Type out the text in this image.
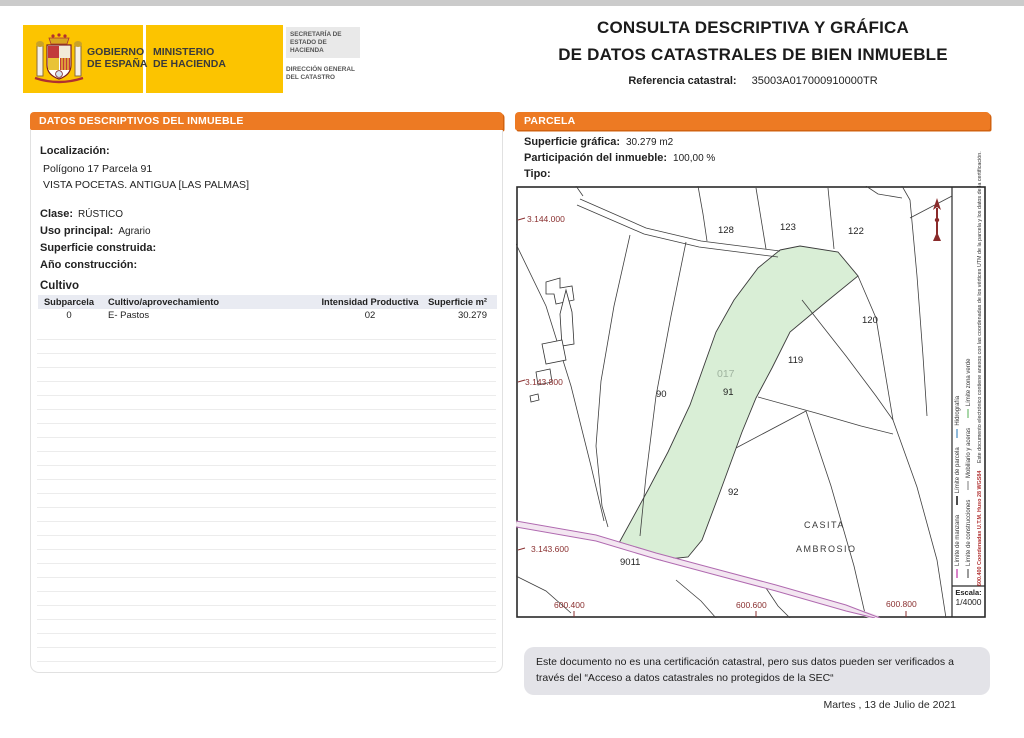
GOBIERNO
DE ESPAÑA
MINISTERIO
DE HACIENDA
SECRETARÍA DE ESTADO DE HACIENDA
DIRECCIÓN GENERAL DEL CATASTRO
CONSULTA DESCRIPTIVA Y GRÁFICA
DE DATOS CATASTRALES DE BIEN INMUEBLE
Referencia catastral: 35003A017000910000TR
DATOS DESCRIPTIVOS DEL INMUEBLE
Localización:
Polígono 17 Parcela 91
VISTA POCETAS. ANTIGUA [LAS PALMAS]
Clase: RÚSTICO
Uso principal: Agrario
Superficie construida:
Año construcción:
Cultivo
Subparcela	Cultivo/aprovechamiento	Intensidad Productiva	Superficie m²
0	E- Pastos	02	30.279
PARCELA
Superficie gráfica: 30.279 m2
Participación del inmueble: 100,00 %
Tipo:
3.144.000
3.143.800
3.143.600
600.400	600.600	600.800
128	123	122
120
119
90	91
92
9011
017
CASITA
AMBROSIO	Límite de manzana Límite de parcela Hidrografía
Límite de construcciones Mobiliario y aceras Límite zona verde
600.400 Coordenadas U.T.M. Huso 28 WGS84 Este documento electrónico contiene anexos con las coordenadas de los vértices UTM de la parcela y los datos de la certificación.
Escala:
1/4000
Este documento no es una certificación catastral, pero sus datos pueden ser verificados a través del “Acceso a datos catastrales no protegidos de la SEC“
Martes , 13 de Julio de 2021
